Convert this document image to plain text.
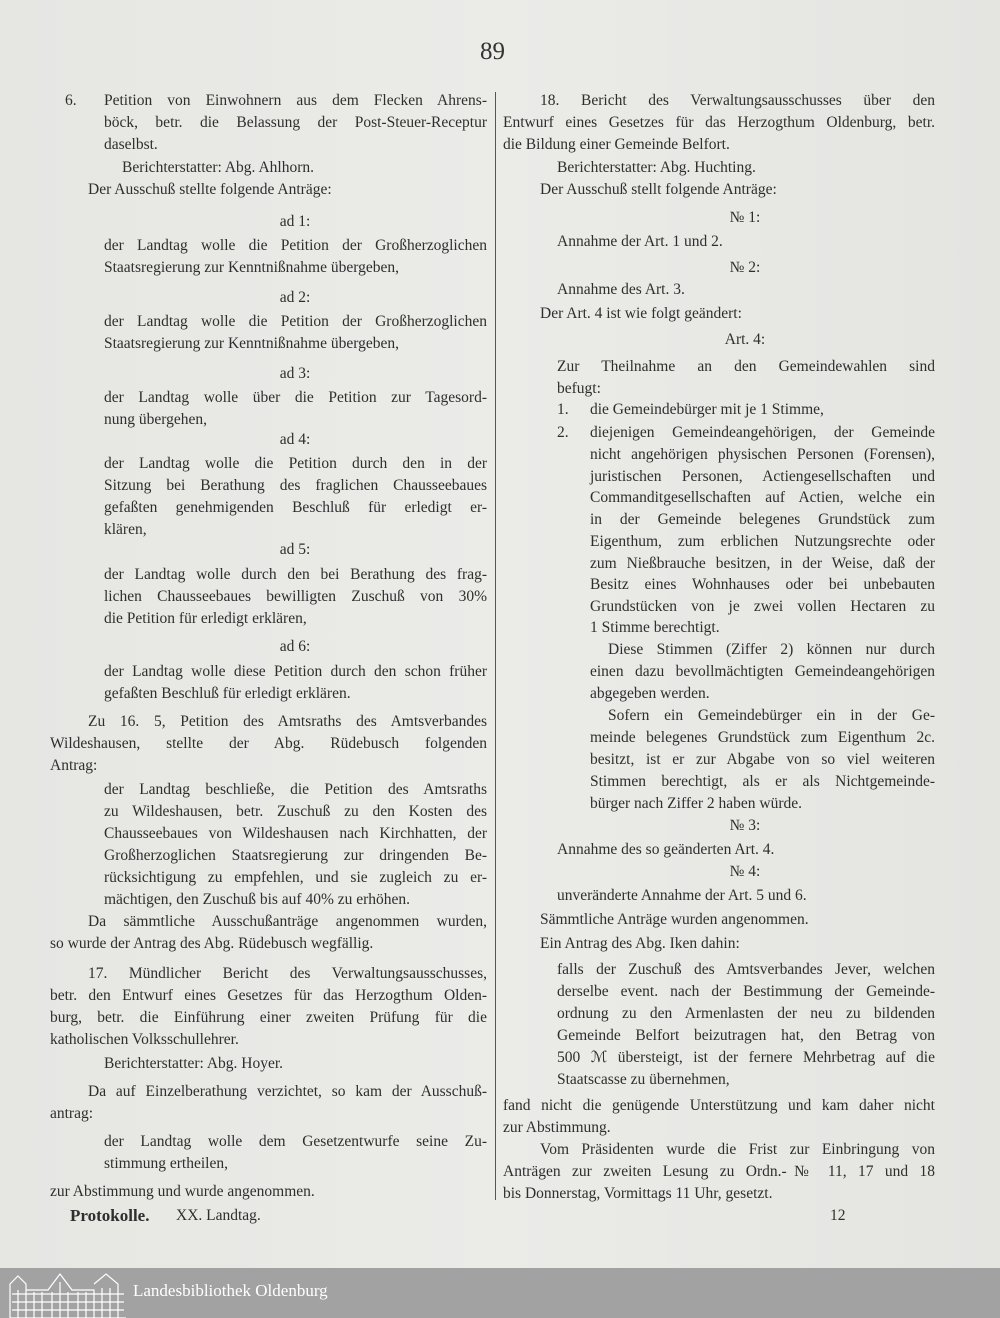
89
6. Petition von Einwohnern aus dem Flecken Ahrens-
böck, betr. die Belassung der Post-Steuer-Receptur
daselbst.
Berichterstatter: Abg. Ahlhorn.
Der Ausschuß stellte folgende Anträge:
ad 1:
der Landtag wolle die Petition der Großherzoglichen
Staatsregierung zur Kenntnißnahme übergeben,
ad 2:
der Landtag wolle die Petition der Großherzoglichen
Staatsregierung zur Kenntnißnahme übergeben,
ad 3:
der Landtag wolle über die Petition zur Tagesord-
nung übergehen,
ad 4:
der Landtag wolle die Petition durch den in der
Sitzung bei Berathung des fraglichen Chausseebaues
gefaßten genehmigenden Beschluß für erledigt er-
klären,
ad 5:
der Landtag wolle durch den bei Berathung des frag-
lichen Chausseebaues bewilligten Zuschuß von 30%
die Petition für erledigt erklären,
ad 6:
der Landtag wolle diese Petition durch den schon früher
gefaßten Beschluß für erledigt erklären.
Zu 16. 5, Petition des Amtsraths des Amtsverbandes
Wildeshausen, stellte der Abg. Rüdebusch folgenden
Antrag:
der Landtag beschließe, die Petition des Amtsraths
zu Wildeshausen, betr. Zuschuß zu den Kosten des
Chausseebaues von Wildeshausen nach Kirchhatten, der
Großherzoglichen Staatsregierung zur dringenden Be-
rücksichtigung zu empfehlen, und sie zugleich zu er-
mächtigen, den Zuschuß bis auf 40% zu erhöhen.
Da sämmtliche Ausschußanträge angenommen wurden,
so wurde der Antrag des Abg. Rüdebusch wegfällig.
17. Mündlicher Bericht des Verwaltungsausschusses,
betr. den Entwurf eines Gesetzes für das Herzogthum Olden-
burg, betr. die Einführung einer zweiten Prüfung für die
katholischen Volksschullehrer.
Berichterstatter: Abg. Hoyer.
Da auf Einzelberathung verzichtet, so kam der Ausschuß-
antrag:
der Landtag wolle dem Gesetzentwurfe seine Zu-
stimmung ertheilen,
zur Abstimmung und wurde angenommen.
18. Bericht des Verwaltungsausschusses über den
Entwurf eines Gesetzes für das Herzogthum Oldenburg, betr.
die Bildung einer Gemeinde Belfort.
Berichterstatter: Abg. Huchting.
Der Ausschuß stellt folgende Anträge:
№ 1:
Annahme der Art. 1 und 2.
№ 2:
Annahme des Art. 3.
Der Art. 4 ist wie folgt geändert:
Art. 4:
Zur Theilnahme an den Gemeindewahlen sind
befugt:
1. die Gemeindebürger mit je 1 Stimme,
2. diejenigen Gemeindeangehörigen, der Gemeinde
nicht angehörigen physischen Personen (Forensen),
juristischen Personen, Actiengesellschaften und
Commanditgesellschaften auf Actien, welche ein
in der Gemeinde belegenes Grundstück zum
Eigenthum, zum erblichen Nutzungsrechte oder
zum Nießbrauche besitzen, in der Weise, daß der
Besitz eines Wohnhauses oder bei unbebauten
Grundstücken von je zwei vollen Hectaren zu
1 Stimme berechtigt.
Diese Stimmen (Ziffer 2) können nur durch
einen dazu bevollmächtigten Gemeindeangehörigen
abgegeben werden.
Sofern ein Gemeindebürger ein in der Ge-
meinde belegenes Grundstück zum Eigenthum 2c.
besitzt, ist er zur Abgabe von so viel weiteren
Stimmen berechtigt, als er als Nichtgemeinde-
bürger nach Ziffer 2 haben würde.
№ 3:
Annahme des so geänderten Art. 4.
№ 4:
unveränderte Annahme der Art. 5 und 6.
Sämmtliche Anträge wurden angenommen.
Ein Antrag des Abg. Iken dahin:
falls der Zuschuß des Amtsverbandes Jever, welchen
derselbe event. nach der Bestimmung der Gemeinde-
ordnung zu den Armenlasten der neu zu bildenden
Gemeinde Belfort beizutragen hat, den Betrag von
500 ℳ übersteigt, ist der fernere Mehrbetrag auf die
Staatscasse zu übernehmen,
fand nicht die genügende Unterstützung und kam daher nicht
zur Abstimmung.
Vom Präsidenten wurde die Frist zur Einbringung von
Anträgen zur zweiten Lesung zu Ordn.-№ 11, 17 und 18
bis Donnerstag, Vormittags 11 Uhr, gesetzt.
Protokolle. XX. Landtag.	12
Landesbibliothek Oldenburg
